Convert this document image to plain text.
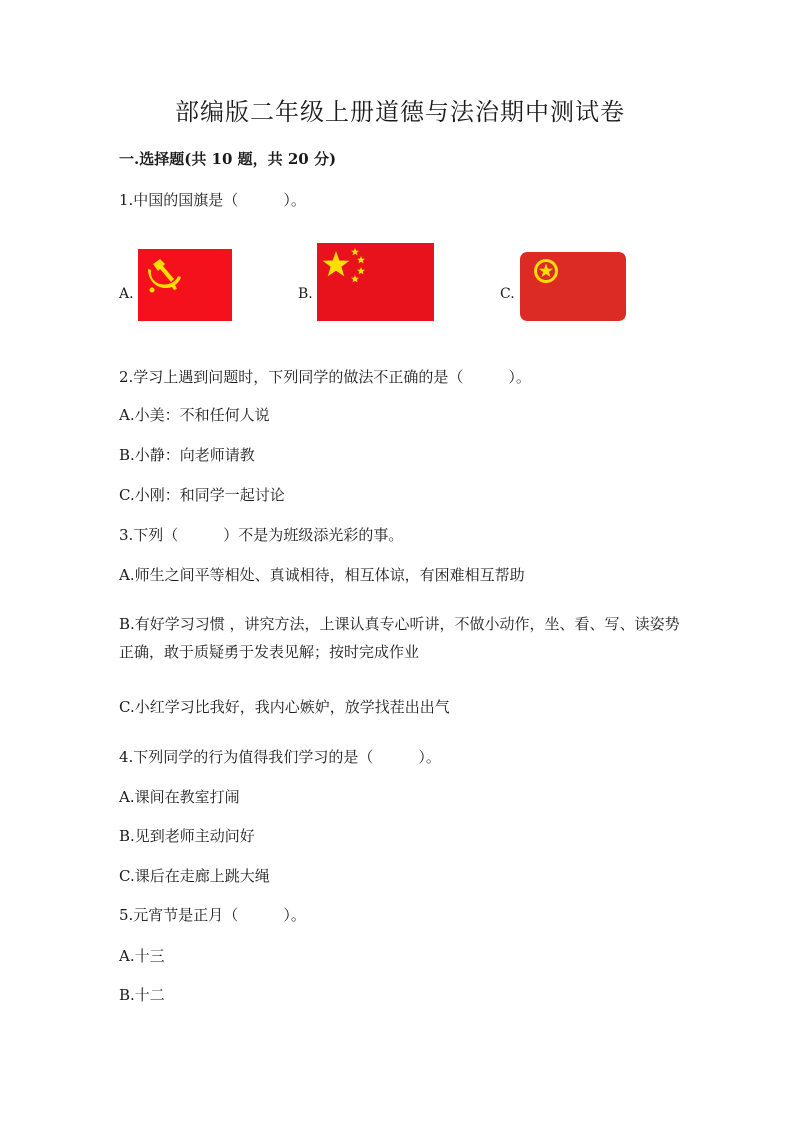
部编版二年级上册道德与法治期中测试卷
一.选择题(共 10 题，共 20 分)
1.中国的国旗是（　　　）。
A.	B.	C.
2.学习上遇到问题时，下列同学的做法不正确的是（　　　）。
A.小美：不和任何人说
B.小静：向老师请教
C.小刚：和同学一起讨论
3.下列（　　　）不是为班级添光彩的事。
A.师生之间平等相处、真诚相待，相互体谅，有困难相互帮助
B.有好学习习惯 ，讲究方法，上课认真专心听讲，不做小动作，坐、看、写、读姿势正确，敢于质疑勇于发表见解；按时完成作业
C.小红学习比我好，我内心嫉妒，放学找茬出出气
4.下列同学的行为值得我们学习的是（　　　）。
A.课间在教室打闹
B.见到老师主动问好
C.课后在走廊上跳大绳
5.元宵节是正月（　　　）。
A.十三
B.十二
